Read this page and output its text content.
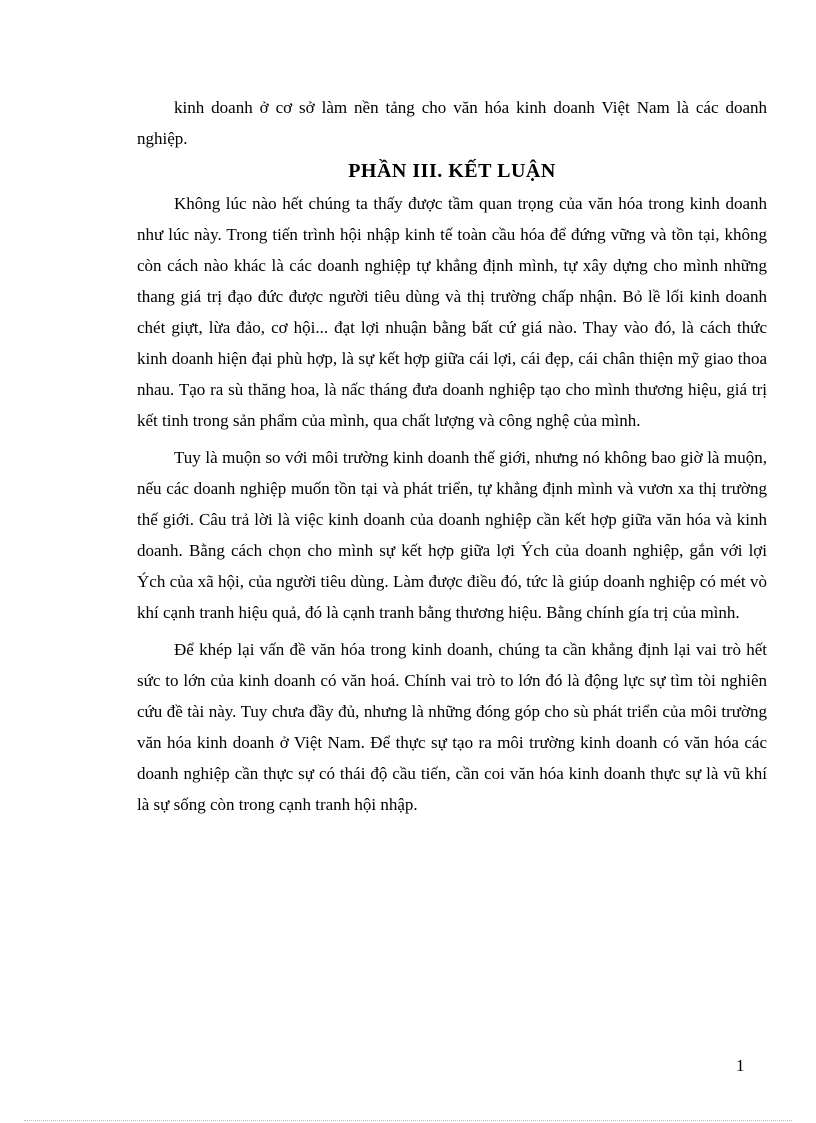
kinh doanh ở cơ sở làm nền tảng cho văn hóa kinh doanh Việt Nam là các doanh nghiệp.

PHẦN III. KẾT LUẬN

Không lúc nào hết chúng ta thấy được tầm quan trọng của văn hóa trong kinh doanh như lúc này. Trong tiến trình hội nhập kinh tế toàn cầu hóa để đứng vững và tồn tại, không còn cách nào khác là các doanh nghiệp tự khẳng định mình, tự xây dựng cho mình những thang giá trị đạo đức được người tiêu dùng và thị trường chấp nhận. Bỏ lề lối kinh doanh chét giựt, lừa đảo, cơ hội... đạt lợi nhuận bằng bất cứ giá nào. Thay vào đó, là cách thức kinh doanh hiện đại phù hợp, là sự kết hợp giữa cái lợi, cái đẹp, cái chân thiện mỹ giao thoa nhau. Tạo ra sù thăng hoa, là nấc tháng đưa doanh nghiệp tạo cho mình thương hiệu, giá trị kết tinh trong sản phẩm của mình, qua chất lượng và công nghệ của mình.

Tuy là muộn so với môi trường kinh doanh thế giới, nhưng nó không bao giờ là muộn, nếu các doanh nghiệp muốn tồn tại và phát triển, tự khẳng định mình và vươn xa thị trường thế giới. Câu trả lời là việc kinh doanh của doanh nghiệp cần kết hợp giữa văn hóa và kinh doanh. Bằng cách chọn cho mình sự kết hợp giữa lợi Ých của doanh nghiệp, gắn với lợi Ých của xã hội, của người tiêu dùng. Làm được điều đó, tức là giúp doanh nghiệp có mét vò khí cạnh tranh hiệu quả, đó là cạnh tranh bằng thương hiệu. Bằng chính gía trị của mình.

Để khép lại vấn đề văn hóa trong kinh doanh, chúng ta cần khẳng định lại vai trò hết sức to lớn của kinh doanh có văn hoá. Chính vai trò to lớn đó là động lực sự tìm tòi nghiên cứu đề tài này. Tuy chưa đầy đủ, nhưng là những đóng góp cho sù phát triển của môi trường văn hóa kinh doanh ở Việt Nam. Để thực sự tạo ra môi trường kinh doanh có văn hóa các doanh nghiệp cần thực sự có thái độ cầu tiến, cần coi văn hóa kinh doanh thực sự là vũ khí là sự sống còn trong cạnh tranh hội nhập.

1
